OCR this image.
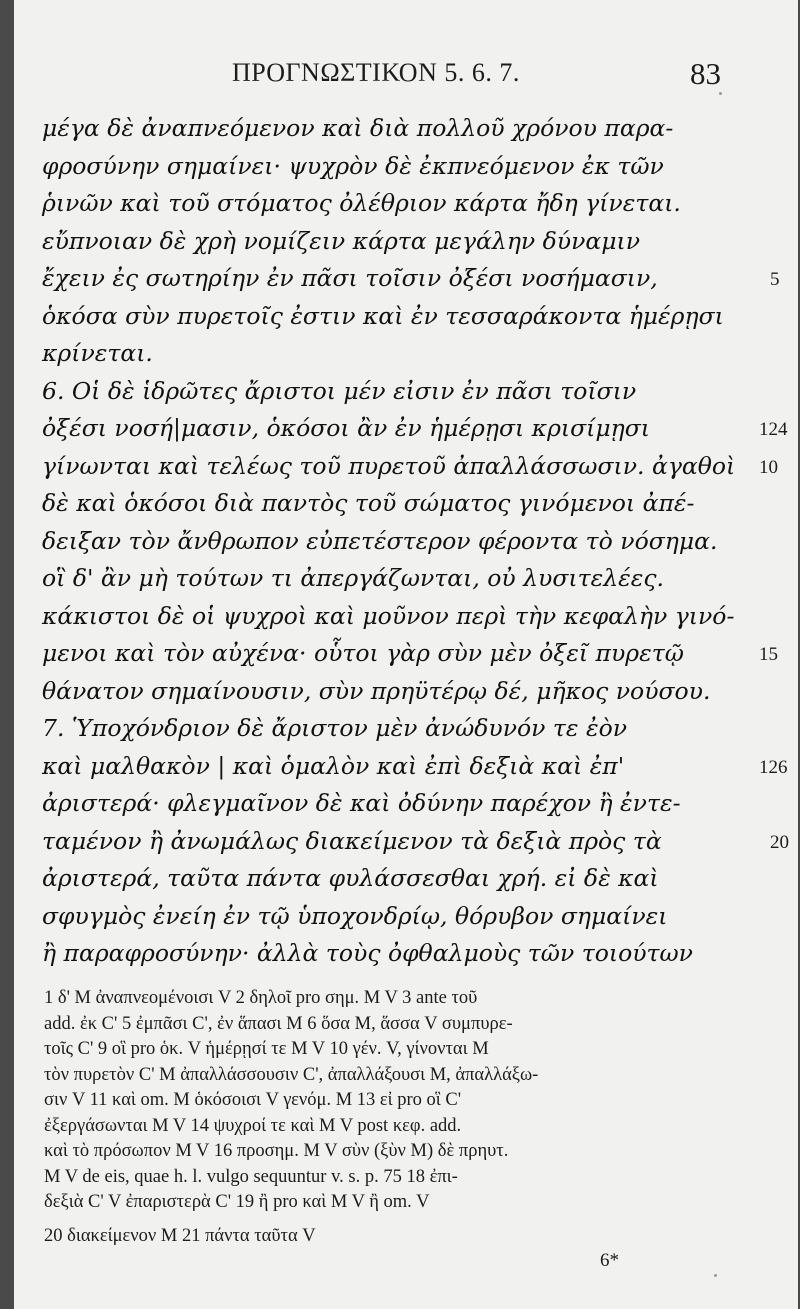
ΠΡΟΓΝΩΣΤΙΚΟΝ 5. 6. 7.	83
μέγα δὲ ἀναπνεόμενον καὶ διὰ πολλοῦ χρόνου παρα-
φροσύνην σημαίνει· ψυχρὸν δὲ ἐκπνεόμενον ἐκ τῶν
ῥινῶν καὶ τοῦ στόματος ὀλέθριον κάρτα ἤδη γίνεται.
εὔπνοιαν δὲ χρὴ νομίζειν κάρτα μεγάλην δύναμιν
ἔχειν ἐς σωτηρίην ἐν πᾶσι τοῖσιν ὀξέσι νοσήμασιν,	5
ὁκόσα σὺν πυρετοῖς ἐστιν καὶ ἐν τεσσαράκοντα ἡμέρῃσι
κρίνεται.
6. Οἱ δὲ ἱδρῶτες ἄριστοι μέν εἰσιν ἐν πᾶσι τοῖσιν
ὀξέσι νοσή|μασιν, ὁκόσοι ἂν ἐν ἡμέρῃσι κρισίμῃσι	124
γίνωνται καὶ τελέως τοῦ πυρετοῦ ἀπαλλάσσωσιν. ἀγαθοὶ 10
δὲ καὶ ὁκόσοι διὰ παντὸς τοῦ σώματος γινόμενοι ἀπέ-
δειξαν τὸν ἄνθρωπον εὐπετέστερον φέροντα τὸ νόσημα.
οἳ δ' ἂν μὴ τούτων τι ἀπεργάζωνται, οὐ λυσιτελέες.
κάκιστοι δὲ οἱ ψυχροὶ καὶ μοῦνον περὶ τὴν κεφαλὴν γινό-
μενοι καὶ τὸν αὐχένα· οὗτοι γὰρ σὺν μὲν ὀξεῖ πυρετῷ	15
θάνατον σημαίνουσιν, σὺν πρηϋτέρῳ δέ, μῆκος νούσου.
7. Ὑποχόνδριον δὲ ἄριστον μὲν ἀνώδυνόν τε ἐὸν
καὶ μαλθακὸν | καὶ ὁμαλὸν καὶ ἐπὶ δεξιὰ καὶ ἐπ'	126
ἀριστερά· φλεγμαῖνον δὲ καὶ ὀδύνην παρέχον ἢ ἐντε-
ταμένον ἢ ἀνωμάλως διακείμενον τὰ δεξιὰ πρὸς τὰ	20
ἀριστερά, ταῦτα πάντα φυλάσσεσθαι χρή. εἰ δὲ καὶ
σφυγμὸς ἐνείη ἐν τῷ ὑποχονδρίῳ, θόρυβον σημαίνει
ἢ παραφροσύνην· ἀλλὰ τοὺς ὀφθαλμοὺς τῶν τοιούτων
1 δ' M ἀναπνεομένοισι V 2 δηλοῖ pro σημ. M V 3 ante τοῦ
add. ἐκ C' 5 ἐμπᾶσι C', ἐν ἅπασι M 6 ὅσα M, ἅσσα V συμπυρε-
τοῖς C' 9 οἳ pro ὁκ. V ἡμέρῃσί τε M V 10 γέν. V, γίνονται M
τὸν πυρετὸν C' M ἀπαλλάσσουσιν C', ἀπαλλάξουσι M, ἀπαλλάξω-
σιν V 11 καὶ om. M ὁκόσοισι V γενόμ. M 13 εἰ pro οἳ C'
ἐξεργάσωνται M V 14 ψυχροί τε καὶ M V post κεφ. add.
καὶ τὸ πρόσωπον M V 16 προσημ. M V σὺν (ξὺν M) δὲ πρηυτ.
M V de eis, quae h. l. vulgo sequuntur v. s. p. 75 18 ἐπι-
δεξιὰ C' V ἐπαριστερὰ C' 19 ἢ pro καὶ M V ἢ om. V
20 διακείμενον M 21 πάντα ταῦτα V
6*
